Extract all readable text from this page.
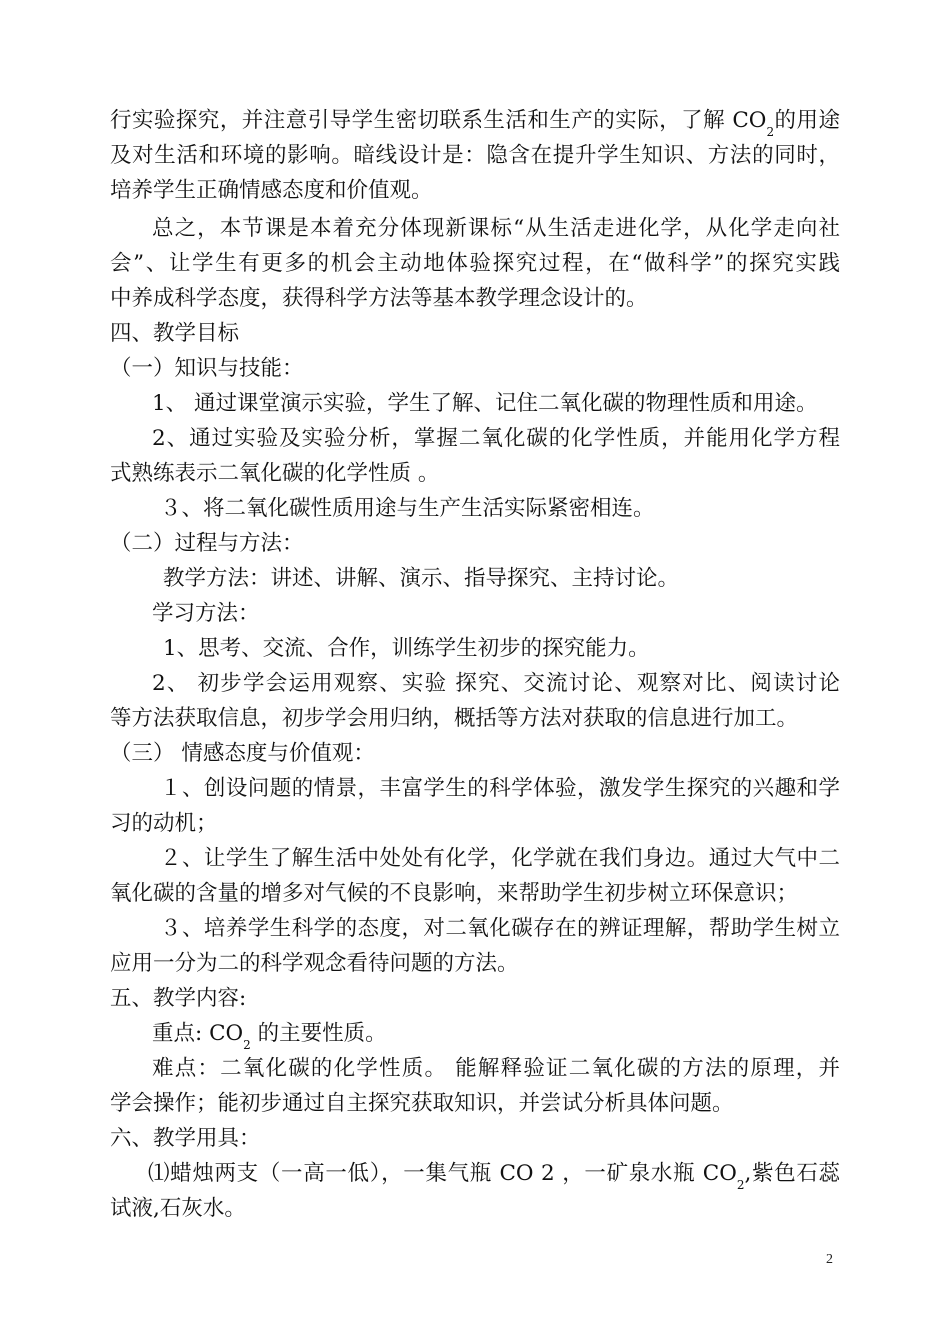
行实验探究，并注意引导学生密切联系生活和生产的实际，了解 $CO_2$的用途
及对生活和环境的影响。暗线设计是：隐含在提升学生知识、方法的同时，
培养学生正确情感态度和价值观。
总之，本节课是本着充分体现新课标“从生活走进化学，从化学走向社
会”、让学生有更多的机会主动地体验探究过程，在“做科学”的探究实践
中养成科学态度，获得科学方法等基本教学理念设计的。
四、教学目标
（一）知识与技能：
1、 通过课堂演示实验，学生了解、记住二氧化碳的物理性质和用途。
2、通过实验及实验分析，掌握二氧化碳的化学性质，并能用化学方程
式熟练表示二氧化碳的化学性质 。
３、将二氧化碳性质用途与生产生活实际紧密相连。
（二）过程与方法：
教学方法：讲述、讲解、演示、指导探究、主持讨论。
学习方法：
1、思考、交流、合作，训练学生初步的探究能力。
2、 初步学会运用观察、实验 探究、交流讨论、观察对比、阅读讨论
等方法获取信息，初步学会用归纳，概括等方法对获取的信息进行加工。
（三） 情感态度与价值观：
１、创设问题的情景，丰富学生的科学体验，激发学生探究的兴趣和学
习的动机；
２、让学生了解生活中处处有化学，化学就在我们身边。通过大气中二
氧化碳的含量的增多对气候的不良影响，来帮助学生初步树立环保意识；
３、培养学生科学的态度，对二氧化碳存在的辨证理解，帮助学生树立
应用一分为二的科学观念看待问题的方法。
五、教学内容:
重点: $CO_2$ 的主要性质。
难点：二氧化碳的化学性质。 能解释验证二氧化碳的方法的原理，并
学会操作；能初步通过自主探究获取知识，并尝试分析具体问题。
六、教学用具：
⑴蜡烛两支（一高一低），一集气瓶 CO 2 ，一矿泉水瓶 $CO_2$,紫色石蕊
试液,石灰水。
2
